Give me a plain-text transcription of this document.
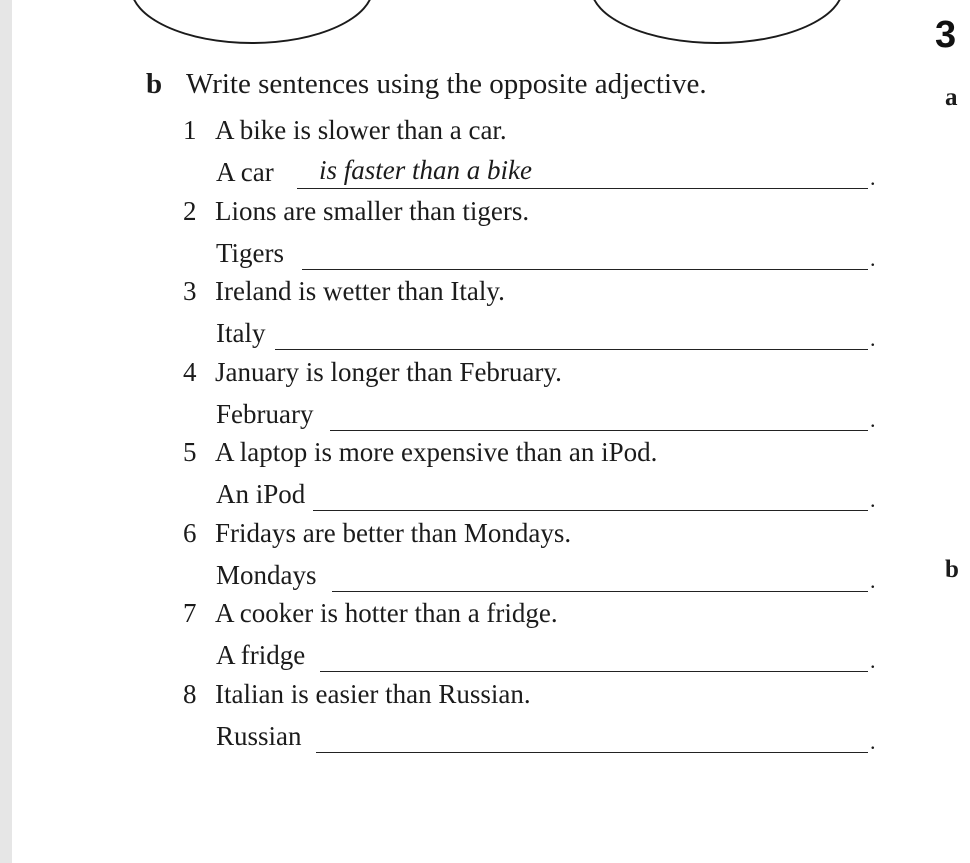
3
a
b
b Write sentences using the opposite adjective.
1 A bike is slower than a car.
A car is faster than a bike	.
2 Lions are smaller than tigers.
Tigers	.
3 Ireland is wetter than Italy.
Italy	.
4 January is longer than February.
February	.
5 A laptop is more expensive than an iPod.
An iPod	.
6 Fridays are better than Mondays.
Mondays	.
7 A cooker is hotter than a fridge.
A fridge	.
8 Italian is easier than Russian.
Russian	.
